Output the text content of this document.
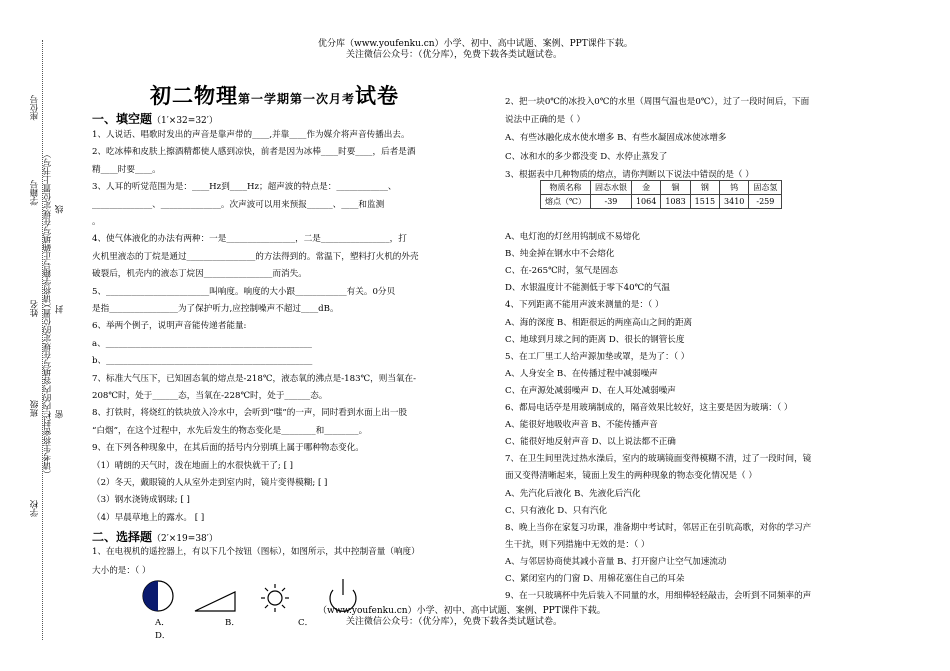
优分库（www.youfenku.cn）小学、初中、高中试题、案例、PPT课件下载。
关注微信公众号：（优分库），免费下载各类试题试卷。
座位号
学籍号 （请将学籍号正确填写在规定位置上书写） 线
姓名 （请考生将密封栏内的内容填写在规定的位置） 封
班级 密
学校
初二物理第一学期第一次月考试卷
一、填空题（1′×32=32′）
1、人说话、唱歌时发出的声音是靠声带的____,并靠____作为媒介将声音传播出去。
2、吃冰棒和皮肤上擦酒精都使人感到凉快，前者是因为冰棒____时要____，后者是酒
精____时要____。
3、人耳的听觉范围为是：____Hz到____Hz；超声波的特点是：____________、
______________、______________。次声波可以用来预报______、____和监测
。
4、使气体液化的办法有两种：一是________________，二是________________，打
火机里液态的丁烷是通过________________的方法得到的。常温下，塑料打火机的外壳
破裂后，机壳内的液态丁烷因________________而消失。
5、________________________叫响度。响度的大小跟____________有关。0分贝
是指________________为了保护听力,应控制噪声不超过____dB。
6、举两个例子，说明声音能传递者能量:
a、________________________________________________
b、________________________________________________
7、标准大气压下，已知固态氧的熔点是-218℃，液态氧的沸点是-183℃，则当氧在-
208℃时，处于______态，当氧在-228℃时，处于______态。
8、打铁时，将烧红的铁块放入冷水中，会听到“嗤”的一声，同时看到水面上出一股
“白烟”，在这个过程中，水先后发生的物态变化是________和________。
9、在下列各种现象中，在其后面的括号内分别填上属于哪种物态变化。
（1）晴朗的天气时，泼在地面上的水很快就干了; [ ]
（2）冬天，戴眼镜的人从室外走到室内时，镜片变得模糊; [ ]
（3）钢水浇铸成钢球; [ ]
（4）早晨草地上的露水。 [ ]
二、选择题（2′×19=38′）
1、在电视机的遥控器上，有以下几个按钮（图标），如图所示，其中控制音量（响度）
大小的是：（ ）
A．	B．	C．
D．
2、把一块0℃的冰投入0℃的水里（周围气温也是0℃），过了一段时间后，下面
说法中正确的是（ ）
A、有些冰融化成水使水增多 B、有些水凝固成冰使冰增多
C、冰和水的多少都没变 D、水停止蒸发了
3、根据表中几种物质的熔点，请你判断以下说法中错误的是（ ）
物质名称	固态水银	金	铜	钢	钨	固态氢
熔点（℃）	-39	1064	1083	1515	3410	-259
A、电灯泡的灯丝用钨制成不易熔化
B、纯金掉在钢水中不会熔化
C、在-265℃时，氢气是固态
D、水银温度计不能测低于零下40℃的气温
4、下列距离不能用声波来测量的是：（ ）
A、海的深度 B、相距很远的两座高山之间的距离
C、地球到月球之间的距离 D、很长的钢管长度
5、在工厂里工人给声源加垫或罩，是为了：（ ）
A、人身安全 B、在传播过程中减弱噪声
C、在声源处减弱噪声 D、在人耳处减弱噪声
6、都局电话亭是用玻璃制成的，隔音效果比较好，这主要是因为玻璃：（ ）
A、能很好地吸收声音 B、不能传播声音
C、能很好地反射声音 D、以上说法都不正确
7、在卫生间里洗过热水澡后，室内的玻璃镜面变得模糊不清，过了一段时间，镜
面又变得清晰起来，镜面上发生的两种现象的物态变化情况是（ ）
A、先汽化后液化 B、先液化后汽化
C、只有液化 D、只有汽化
8、晚上当你在家复习功课，准备期中考试时，邻居正在引吭高歌，对你的学习产
生干扰，则下列措施中无效的是：（ ）
A、与邻居协商使其减小音量 B、打开窗户让空气加速流动
C、紧闭室内的门窗 D、用棉花塞住自己的耳朵
9、在一只玻璃杯中先后装入不同量的水，用细棒轻轻敲击，会听到不同频率的声
（www.youfenku.cn）小学、初中、高中试题、案例、PPT课件下载。
关注微信公众号：（优分库），免费下载各类试题试卷。
